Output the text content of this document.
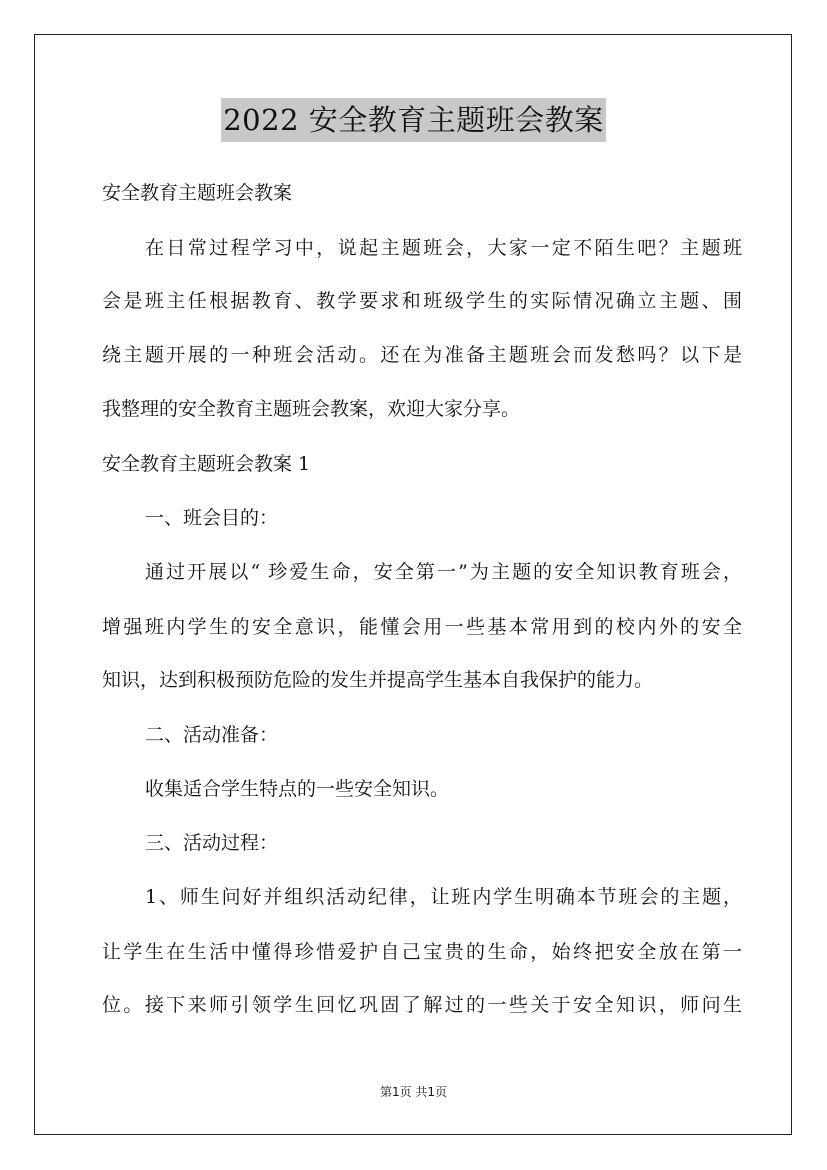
2022 安全教育主题班会教案
安全教育主题班会教案
在日常过程学习中，说起主题班会，大家一定不陌生吧？主题班
会是班主任根据教育、教学要求和班级学生的实际情况确立主题、围
绕主题开展的一种班会活动。还在为准备主题班会而发愁吗？以下是
我整理的安全教育主题班会教案，欢迎大家分享。
安全教育主题班会教案 1
一、班会目的：
通过开展以“ 珍爱生命，安全第一”为主题的安全知识教育班会，
增强班内学生的安全意识，能懂会用一些基本常用到的校内外的安全
知识，达到积极预防危险的发生并提高学生基本自我保护的能力。
二、活动准备：
收集适合学生特点的一些安全知识。
三、活动过程：
1、师生问好并组织活动纪律，让班内学生明确本节班会的主题，
让学生在生活中懂得珍惜爱护自己宝贵的生命，始终把安全放在第一
位。接下来师引领学生回忆巩固了解过的一些关于安全知识，师问生
第1页 共1页
